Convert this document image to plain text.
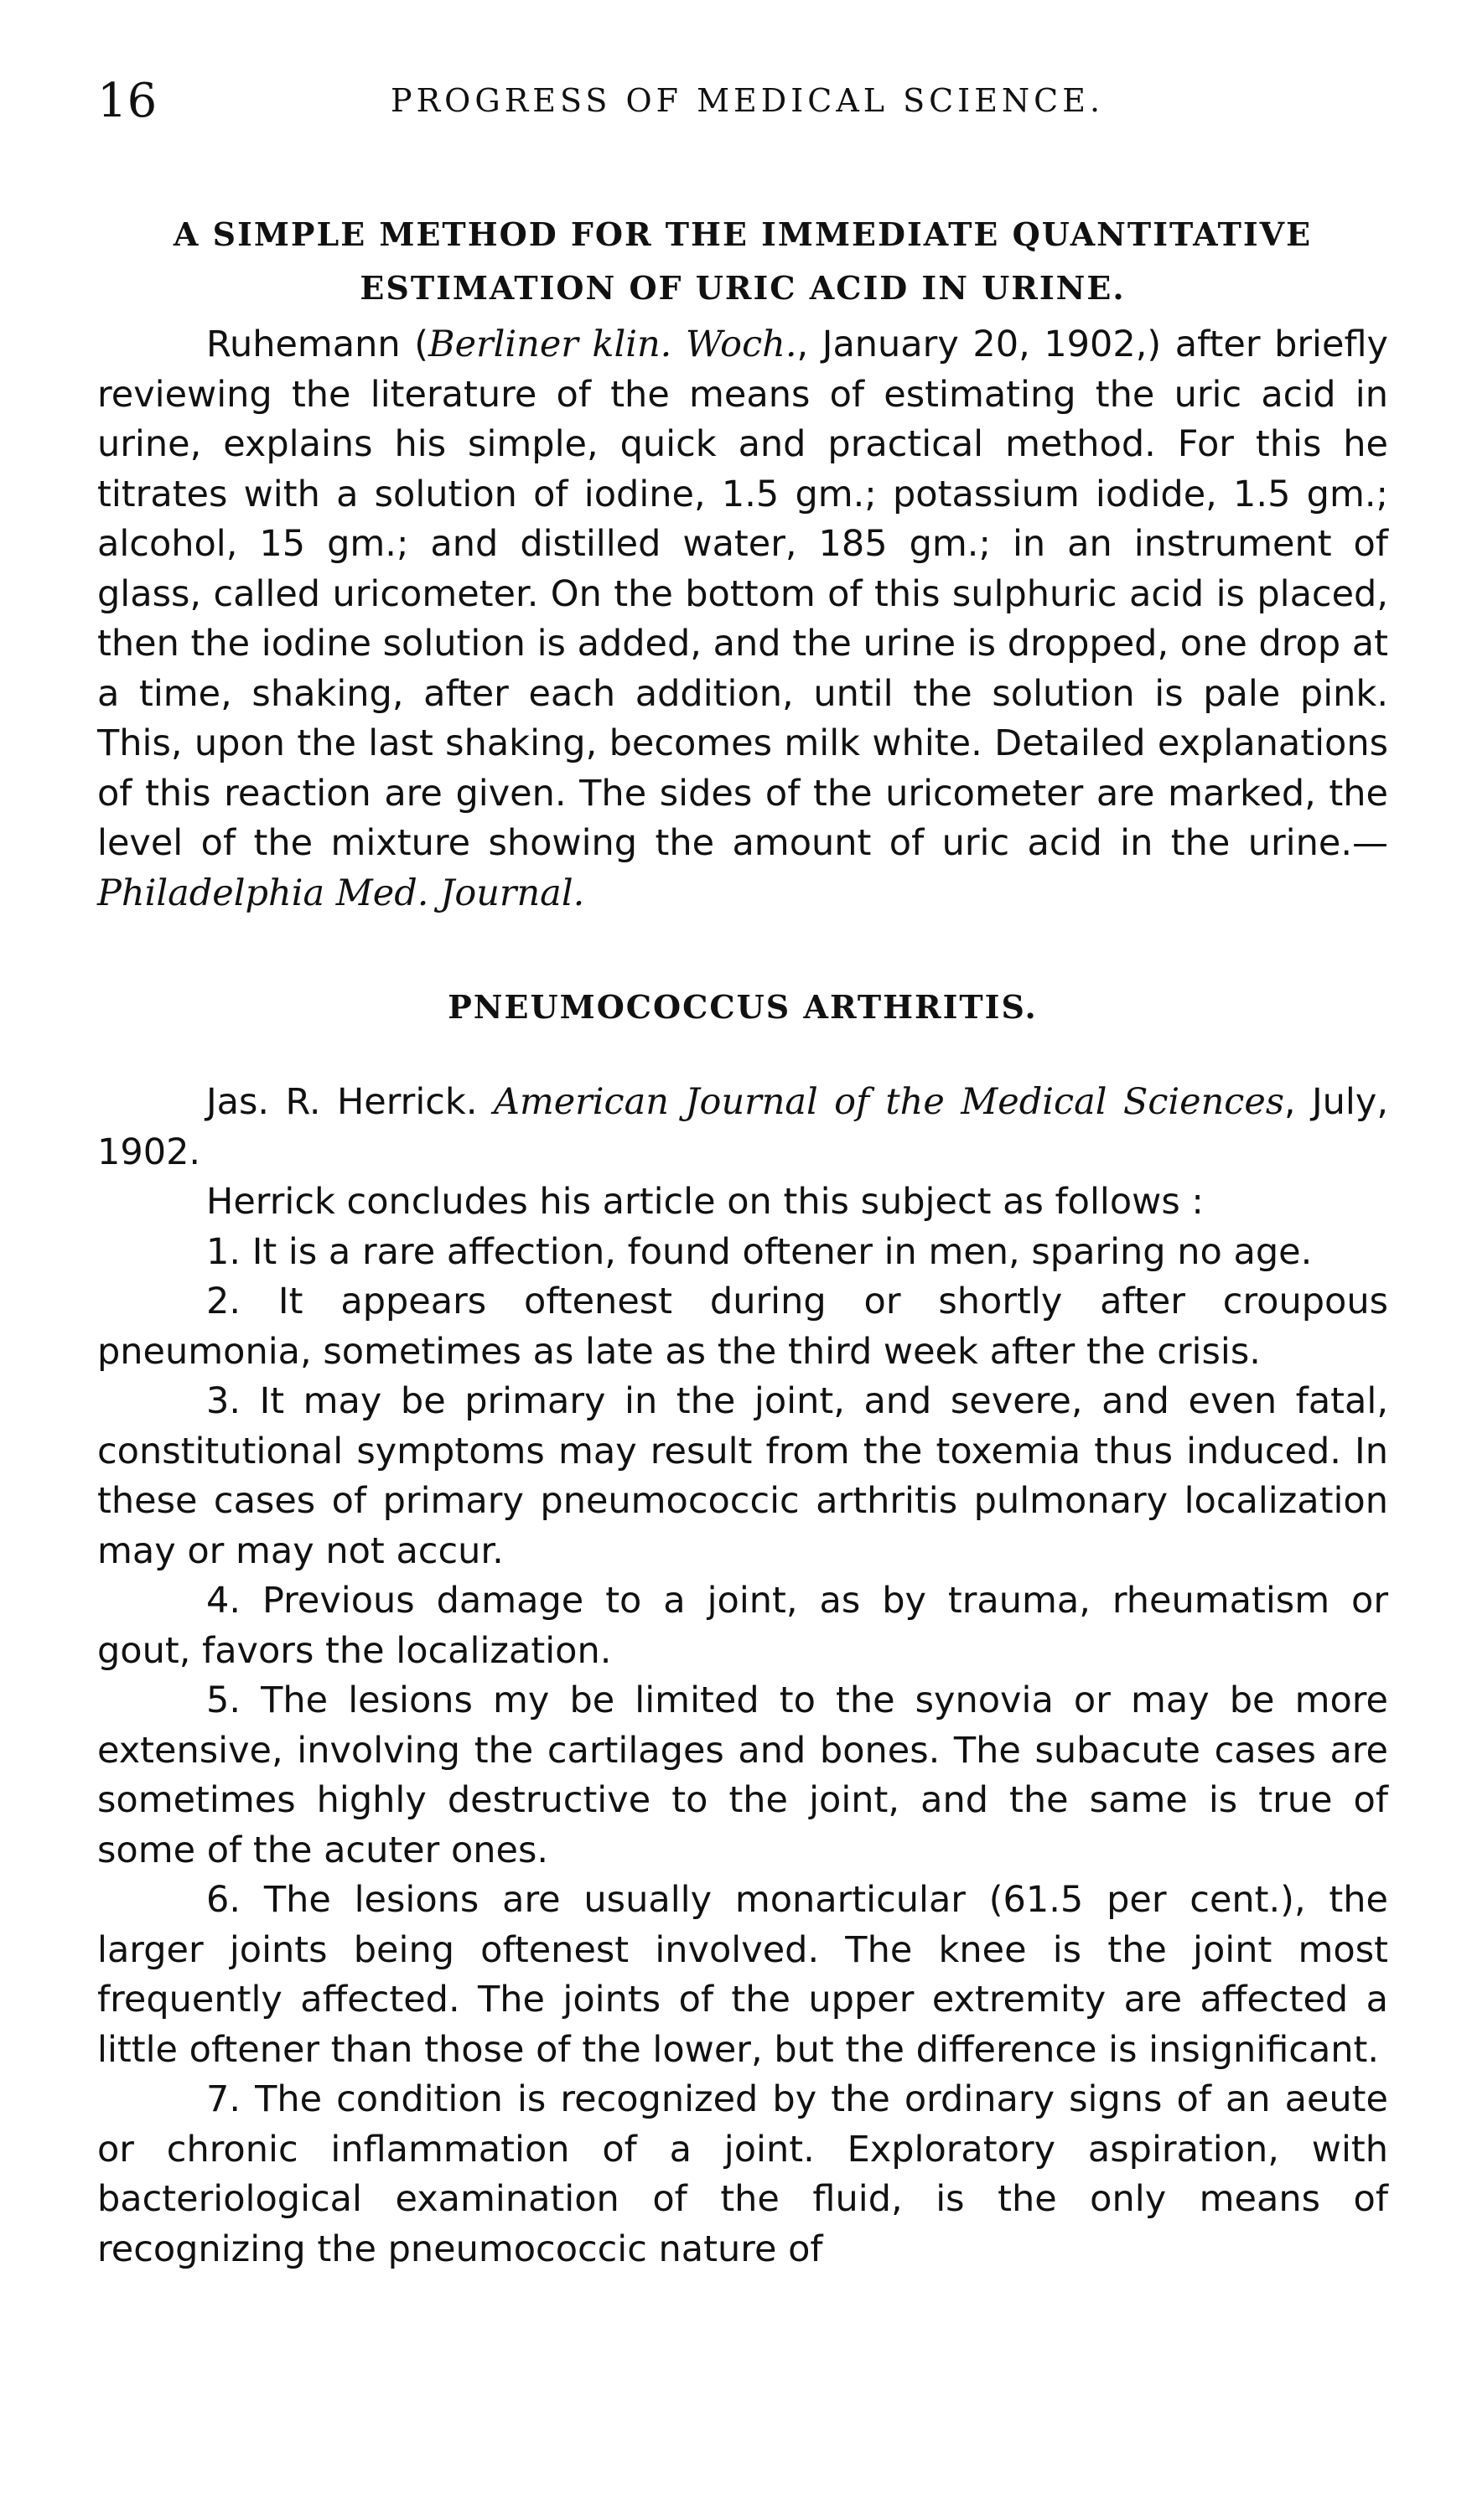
16	PROGRESS OF MEDICAL SCIENCE.
A SIMPLE METHOD FOR THE IMMEDIATE QUANTITATIVE ESTIMATION OF URIC ACID IN URINE.

Ruhemann (Berliner klin. Woch., January 20, 1902,) after briefly reviewing the literature of the means of estimating the uric acid in urine, explains his simple, quick and practical method. For this he titrates with a solution of iodine, 1.5 gm.; potassium iodide, 1.5 gm.; alcohol, 15 gm.; and distilled water, 185 gm.; in an instrument of glass, called uricometer. On the bottom of this sulphuric acid is placed, then the iodine solution is added, and the urine is dropped, one drop at a time, shaking, after each addition, until the solution is pale pink. This, upon the last shaking, becomes milk white. Detailed explanations of this reaction are given. The sides of the uricometer are marked, the level of the mixture showing the amount of uric acid in the urine.—Philadelphia Med. Journal.

PNEUMOCOCCUS ARTHRITIS.

Jas. R. Herrick. American Journal of the Medical Sciences, July, 1902.

Herrick concludes his article on this subject as follows :

1. It is a rare affection, found oftener in men, sparing no age.

2. It appears oftenest during or shortly after croupous pneumonia, sometimes as late as the third week after the crisis.

3. It may be primary in the joint, and severe, and even fatal, constitutional symptoms may result from the toxemia thus induced. In these cases of primary pneumococcic arthritis pulmonary localization may or may not accur.

4. Previous damage to a joint, as by trauma, rheumatism or gout, favors the localization.

5. The lesions my be limited to the synovia or may be more extensive, involving the cartilages and bones. The subacute cases are sometimes highly destructive to the joint, and the same is true of some of the acuter ones.

6. The lesions are usually monarticular (61.5 per cent.), the larger joints being oftenest involved. The knee is the joint most frequently affected. The joints of the upper extremity are affected a little oftener than those of the lower, but the difference is insignificant.

7. The condition is recognized by the ordinary signs of an aeute or chronic inflammation of a joint. Exploratory aspiration, with bacteriological examination of the fluid, is the only means of recognizing the pneumococcic nature of
